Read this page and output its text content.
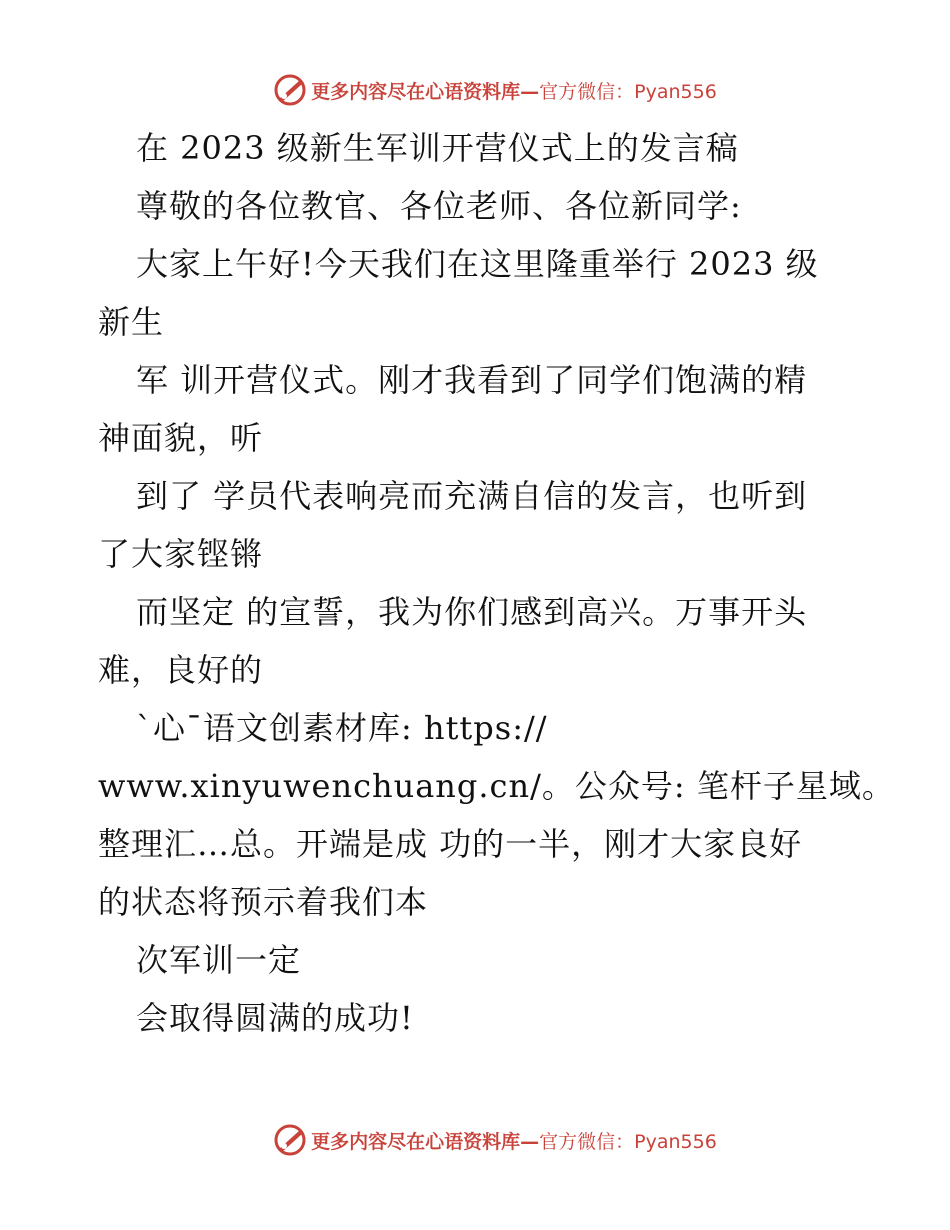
更多内容尽在心语资料库— 官方微信：Pyan556
在 2023 级新生军训开营仪式上的发言稿
尊敬的各位教官、各位老师、各位新同学:
大家上午好!今天我们在这里隆重举行 2023 级
新生
军 训开营仪式。刚才我看到了同学们饱满的精
神面貌，听
到了 学员代表响亮而充满自信的发言，也听到
了大家铿锵
而坚定 的宣誓，我为你们感到高兴。万事开头
难，良好的
`心¯语文创素材库: https://
www.xinyuwenchuang.cn/。公众号: 笔杆子星域。
整理汇…总。开端是成 功的一半，刚才大家良好
的状态将预示着我们本
次军训一定
会取得圆满的成功!
更多内容尽在心语资料库— 官方微信：Pyan556
